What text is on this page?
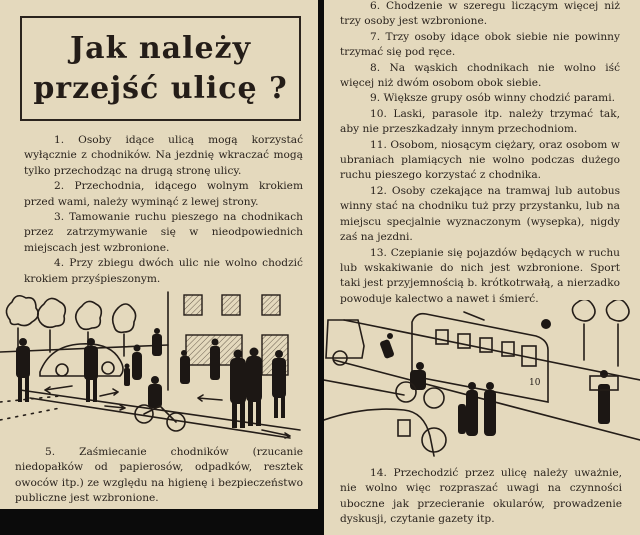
Jak należy
przejść ulicę ?

1. Osoby idące ulicą mogą korzystać wyłącznie z chodników. Na jezdnię wkraczać mogą tylko przechodząc na drugą stronę ulicy.

2. Przechodnia, idącego wolnym krokiem przed wami, należy wyminąć z lewej strony.

3. Tamowanie ruchu pieszego na chodnikach przez zatrzymywanie się w nieodpowiednich miejscach jest wzbronione.

4. Przy zbiegu dwóch ulic nie wolno chodzić krokiem przyśpieszonym.

5. Zaśmiecanie chodników (rzucanie niedopałków od papierosów, odpadków, resztek owoców itp.) ze względu na higienę i bezpieczeństwo publiczne jest wzbronione.

6. Chodzenie w szeregu liczącym więcej niż trzy osoby jest wzbronione.

7. Trzy osoby idące obok siebie nie powinny trzymać się pod ręce.

8. Na wąskich chodnikach nie wolno iść więcej niż dwóm osobom obok siebie.

9. Większe grupy osób winny chodzić parami.

10. Laski, parasole itp. należy trzymać tak, aby nie przeszkadzały innym przechodniom.

11. Osobom, niosącym ciężary, oraz osobom w ubraniach plamiących nie wolno podczas dużego ruchu pieszego korzystać z chodnika.

12. Osoby czekające na tramwaj lub autobus winny stać na chodniku tuż przy przystanku, lub na miejscu specjalnie wyznaczonym (wysepka), nigdy zaś na jezdni.

13. Czepianie się pojazdów będących w ruchu lub wskakiwanie do nich jest wzbronione. Sport taki jest przyjemnością b. krótkotrwałą, a nierzadko powoduje kalectwo a nawet i śmierć.

10

14. Przechodzić przez ulicę należy uważnie, nie wolno więc rozpraszać uwagi na czynności uboczne jak przecieranie okularów, prowadzenie dyskusji, czytanie gazety itp.
